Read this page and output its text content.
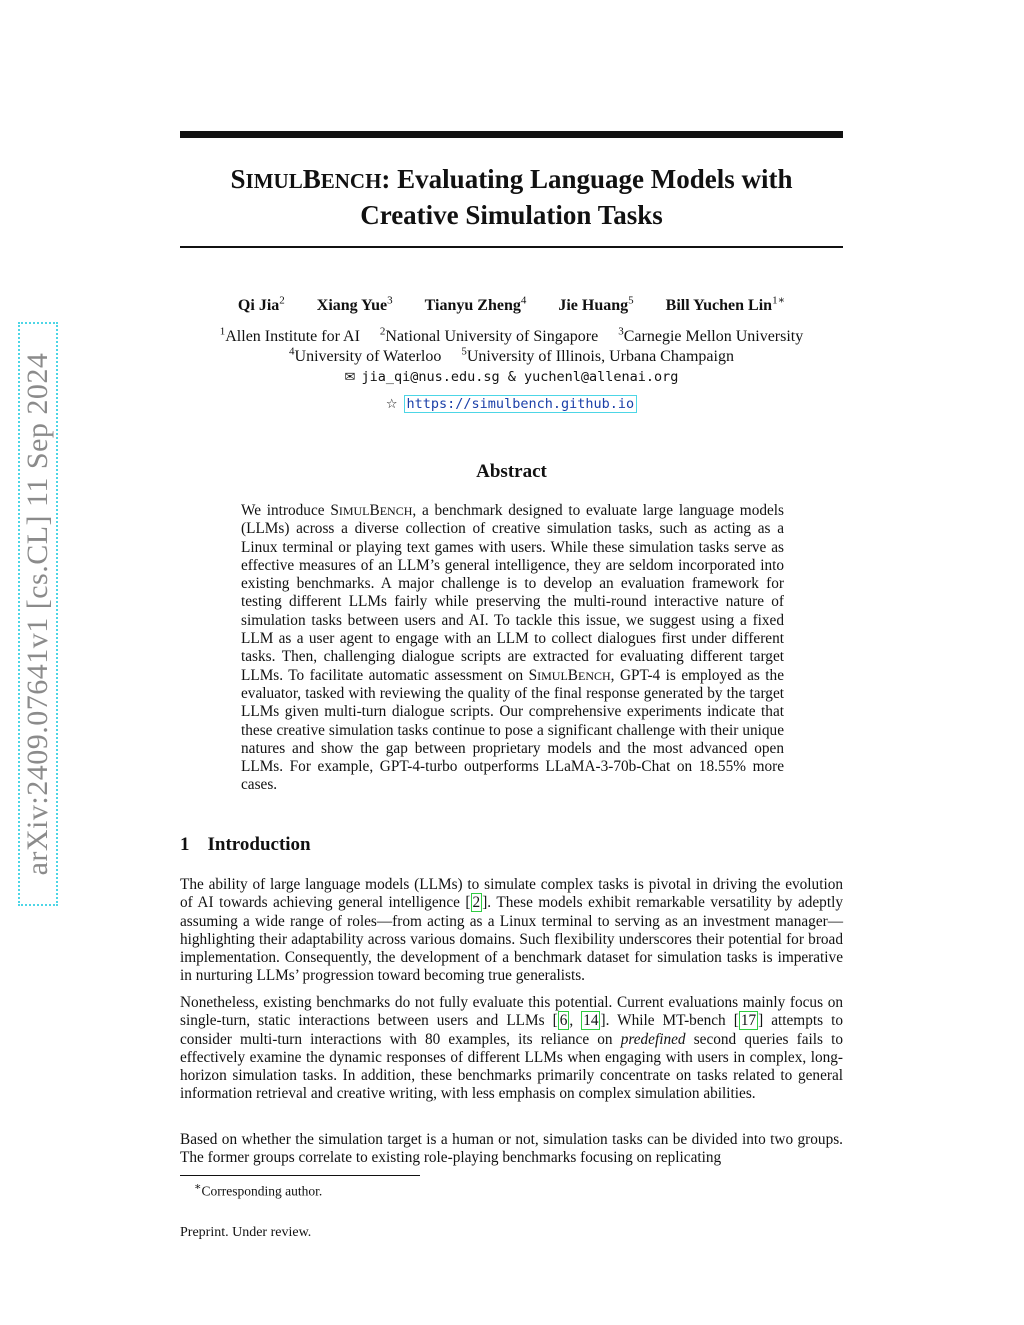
arXiv:2409.07641v1 [cs.CL] 11 Sep 2024
SIMULBENCH: Evaluating Language Models with
Creative Simulation Tasks
Qi Jia$^2$ Xiang Yue$^3$ Tianyu Zheng$^4$ Jie Huang$^5$ Bill Yuchen Lin$^{1∗}$
$^1$Allen Institute for AI $^2$National University of Singapore $^3$Carnegie Mellon University
$^4$University of Waterloo $^5$University of Illinois, Urbana Champaign
✉ jia_qi@nus.edu.sg & yuchenl@allenai.org
☆ https://simulbench.github.io
Abstract
We introduce SIMULBENCH, a benchmark designed to evaluate large language models (LLMs) across a diverse collection of creative simulation tasks, such as acting as a Linux terminal or playing text games with users. While these simulation tasks serve as effective measures of an LLM’s general intelligence, they are seldom incorporated into existing benchmarks. A major challenge is to develop an evaluation framework for testing different LLMs fairly while preserving the multi-round interactive nature of simulation tasks between users and AI. To tackle this issue, we suggest using a fixed LLM as a user agent to engage with an LLM to collect dialogues first under different tasks. Then, challenging dialogue scripts are extracted for evaluating different target LLMs. To facilitate automatic assessment on SIMULBENCH, GPT-4 is employed as the evaluator, tasked with reviewing the quality of the final response generated by the target LLMs given multi-turn dialogue scripts. Our comprehensive experiments indicate that these creative simulation tasks continue to pose a significant challenge with their unique natures and show the gap between proprietary models and the most advanced open LLMs. For example, GPT-4-turbo outperforms LLaMA-3-70b-Chat on 18.55% more cases.
1 Introduction
The ability of large language models (LLMs) to simulate complex tasks is pivotal in driving the evolution of AI towards achieving general intelligence [ 2 ]. These models exhibit remarkable versatility by adeptly assuming a wide range of roles—from acting as a Linux terminal to serving as an investment manager—highlighting their adaptability across various domains. Such flexibility underscores their potential for broad implementation. Consequently, the development of a benchmark dataset for simulation tasks is imperative in nurturing LLMs’ progression toward becoming true generalists.
Nonetheless, existing benchmarks do not fully evaluate this potential. Current evaluations mainly focus on single-turn, static interactions between users and LLMs [ 6 , 14 ]. While MT-bench [ 17 ] attempts to consider multi-turn interactions with 80 examples, its reliance on predefined second queries fails to effectively examine the dynamic responses of different LLMs when engaging with users in complex, long-horizon simulation tasks. In addition, these benchmarks primarily concentrate on tasks related to general information retrieval and creative writing, with less emphasis on complex simulation abilities.
Based on whether the simulation target is a human or not, simulation tasks can be divided into two groups. The former groups correlate to existing role-playing benchmarks focusing on replicating
∗Corresponding author.
Preprint. Under review.
